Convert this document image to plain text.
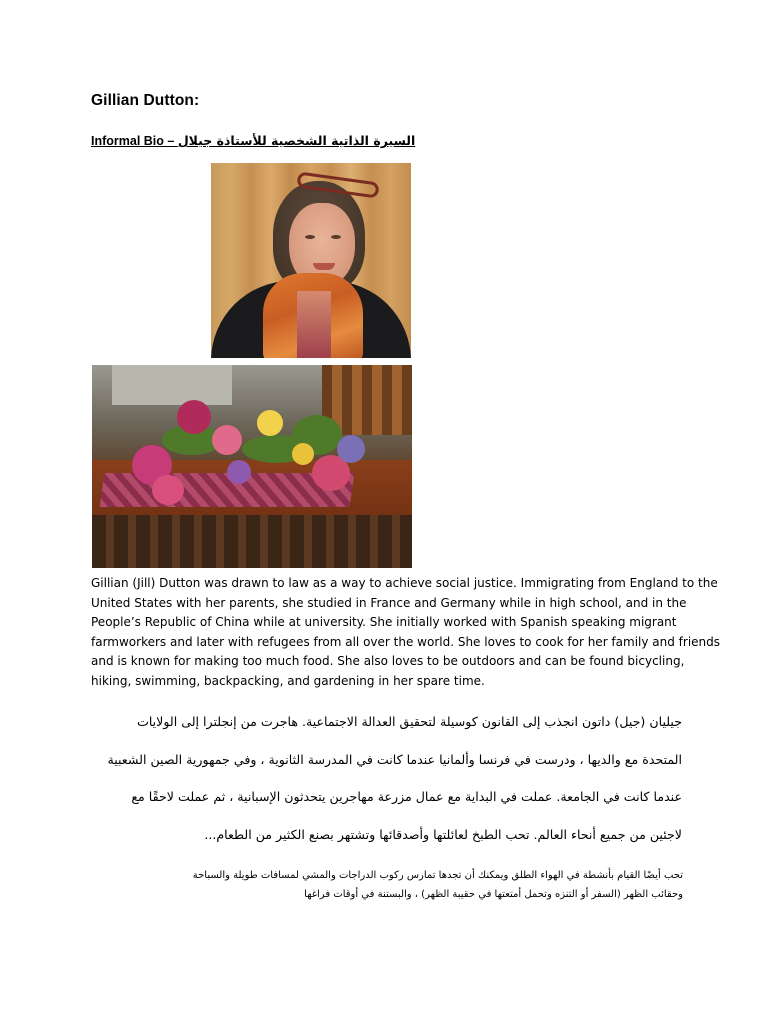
Gillian Dutton:
Informal Bio – السيرة الذاتية الشخصية للأستاذة جيلال
Gillian (Jill) Dutton was drawn to law as a way to achieve social justice. Immigrating from England to the
United States with her parents, she studied in France and Germany while in high school, and in the
People’s Republic of China while at university. She initially worked with Spanish speaking migrant
farmworkers and later with refugees from all over the world. She loves to cook for her family and friends
and is known for making too much food. She also loves to be outdoors and can be found bicycling,
hiking, swimming, backpacking, and gardening in her spare time.
جيليان (جيل) داتون انجذب إلى القانون كوسيلة لتحقيق العدالة الاجتماعية. هاجرت من إنجلترا إلى الولايات
المتحدة مع والديها ، ودرست في فرنسا وألمانيا عندما كانت في المدرسة الثانوية ، وفي جمهورية الصين الشعبية
عندما كانت في الجامعة. عملت في البداية مع عمال مزرعة مهاجرين يتحدثون الإسبانية ، ثم عملت لاحقًا مع
لاجئين من جميع أنحاء العالم. تحب الطبخ لعائلتها وأصدقائها وتشتهر بصنع الكثير من الطعام...
تحب أيضًا القيام بأنشطة في الهواء الطلق ويمكنك أن تجدها تمارس ركوب الدراجات والمشي لمسافات طويلة والسباحة
وحقائب الظهر (السفر أو التنزه وتحمل أمتعتها في حقيبة الظهر) ، والبستنة في أوقات فراغها
